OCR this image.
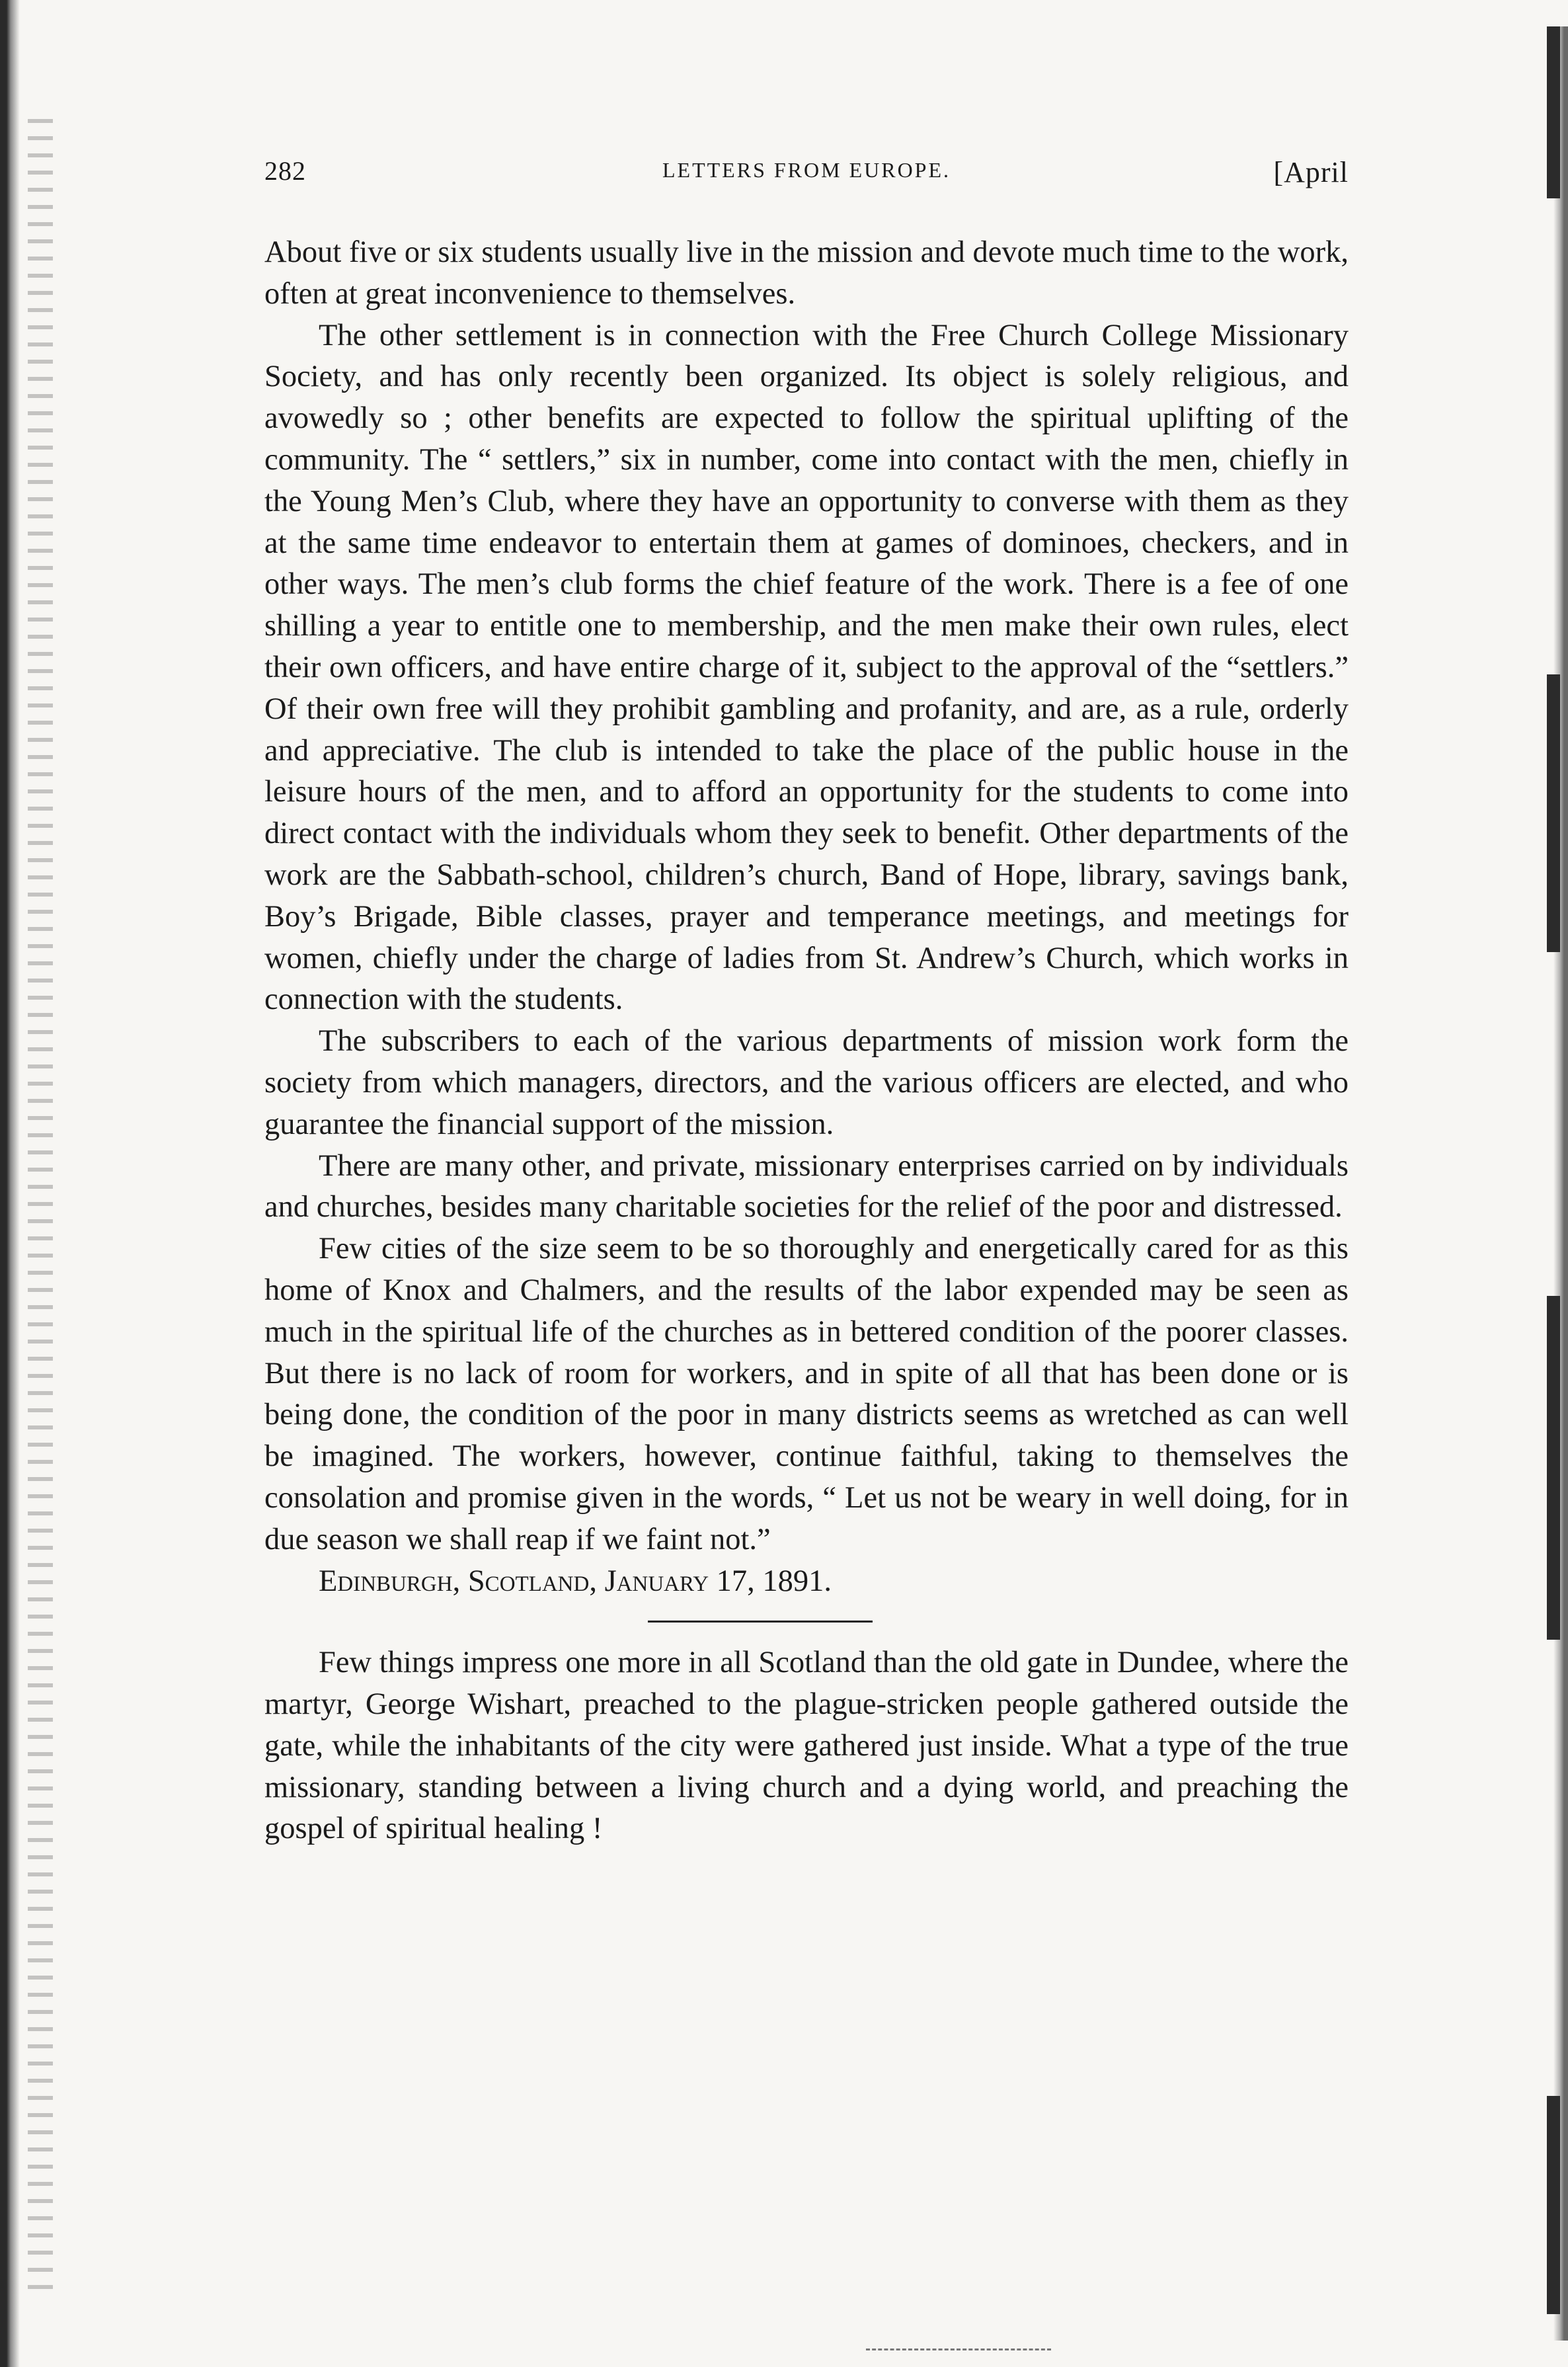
282	LETTERS FROM EUROPE.	[April

About five or six students usually live in the mission and devote much time to the work, often at great inconvenience to themselves.

The other settlement is in connection with the Free Church College Missionary Society, and has only recently been organized. Its object is solely religious, and avowedly so ; other benefits are expected to follow the spiritual uplifting of the community. The “ settlers,” six in number, come into contact with the men, chiefly in the Young Men’s Club, where they have an opportunity to converse with them as they at the same time endeavor to entertain them at games of dominoes, checkers, and in other ways. The men’s club forms the chief feature of the work. There is a fee of one shilling a year to entitle one to membership, and the men make their own rules, elect their own officers, and have entire charge of it, subject to the approval of the “settlers.” Of their own free will they prohibit gambling and profanity, and are, as a rule, orderly and appreciative. The club is intended to take the place of the public house in the leisure hours of the men, and to afford an opportunity for the students to come into direct contact with the individuals whom they seek to benefit. Other departments of the work are the Sabbath-school, children’s church, Band of Hope, library, savings bank, Boy’s Brigade, Bible classes, prayer and temperance meetings, and meetings for women, chiefly under the charge of ladies from St. Andrew’s Church, which works in connection with the students.

The subscribers to each of the various departments of mission work form the society from which managers, directors, and the various officers are elected, and who guarantee the financial support of the mission.

There are many other, and private, missionary enterprises carried on by individuals and churches, besides many charitable societies for the relief of the poor and distressed.

Few cities of the size seem to be so thoroughly and energetically cared for as this home of Knox and Chalmers, and the results of the labor expended may be seen as much in the spiritual life of the churches as in bettered condition of the poorer classes. But there is no lack of room for workers, and in spite of all that has been done or is being done, the condition of the poor in many districts seems as wretched as can well be imagined. The workers, however, continue faithful, taking to themselves the consolation and promise given in the words, “ Let us not be weary in well doing, for in due season we shall reap if we faint not.”

Edinburgh, Scotland, January 17, 1891.

Few things impress one more in all Scotland than the old gate in Dundee, where the martyr, George Wishart, preached to the plague-stricken people gathered outside the gate, while the inhabitants of the city were gathered just inside. What a type of the true missionary, standing between a living church and a dying world, and preaching the gospel of spiritual healing !
